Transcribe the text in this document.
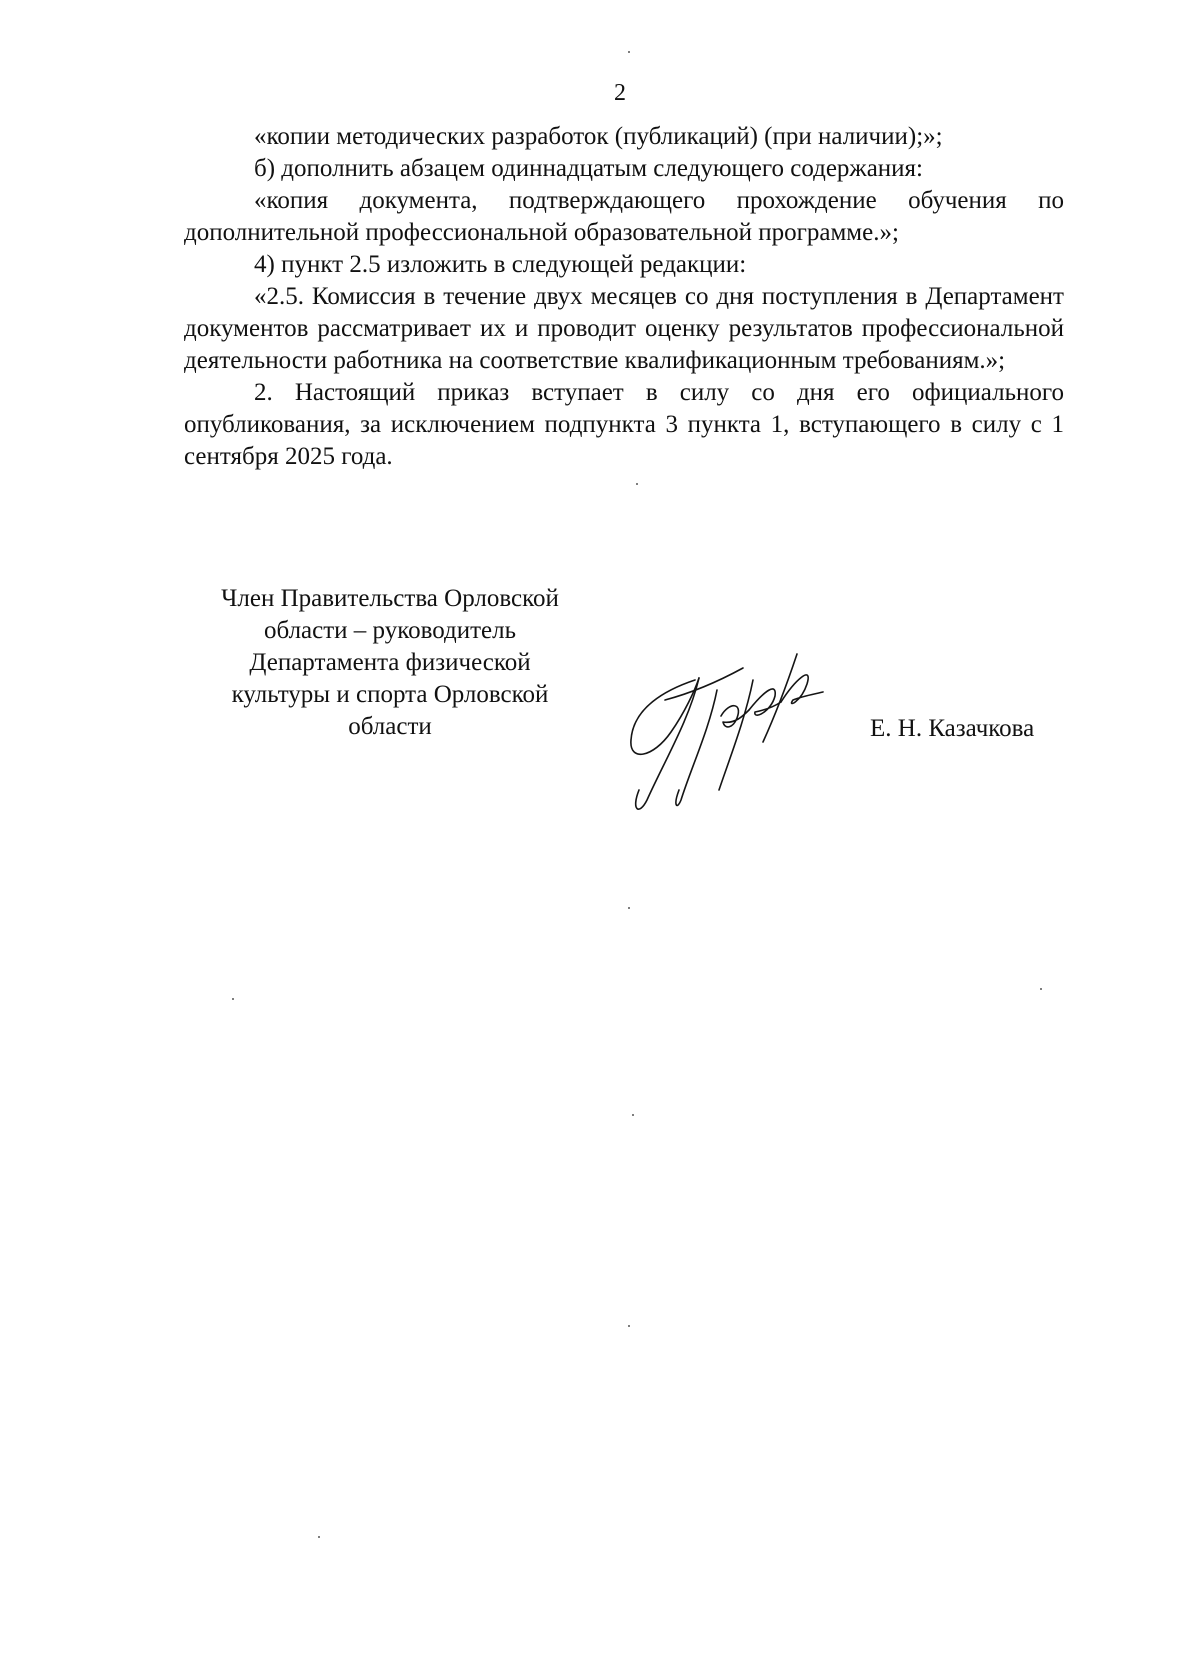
2

«копии методических разработок (публикаций) (при наличии);»;

б) дополнить абзацем одиннадцатым следующего содержания:

«копия документа, подтверждающего прохождение обучения по дополнительной профессиональной образовательной программе.»;

4) пункт 2.5 изложить в следующей редакции:

«2.5. Комиссия в течение двух месяцев со дня поступления в Департамент документов рассматривает их и проводит оценку результатов профессиональной деятельности работника на соответствие квалификационным требованиям.»;

2. Настоящий приказ вступает в силу со дня его официального опубликования, за исключением подпункта 3 пункта 1, вступающего в силу с 1 сентября 2025 года.

Член Правительства Орловской
области – руководитель
Департамента физической
культуры и спорта Орловской
области	Е. Н. Казачкова
